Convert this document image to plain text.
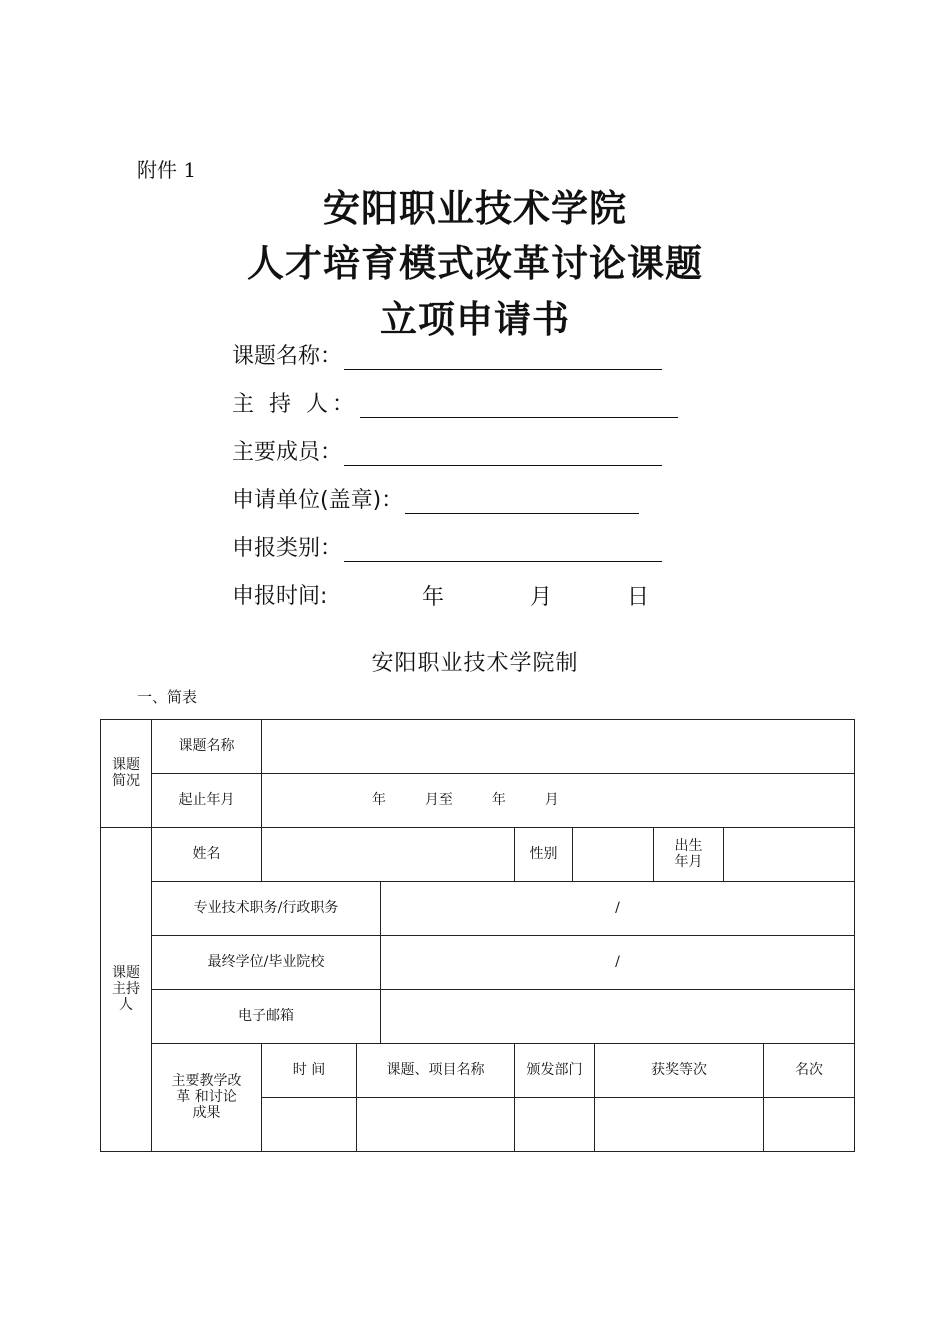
附件 1
安阳职业技术学院
人才培育模式改革讨论课题
立项申请书
课题名称：
主 持 人：
主要成员：
申请单位(盖章)：
申报类别：
申报时间:	年	月	日
安阳职业技术学院制
一、简表
课题简况	课题名称									
	起止年月	年 月至 年 月								
课题主持人	姓名				性别			出生年月		
	专业技术职务/行政职务			/						
	最终学位/毕业院校			/						
	电子邮箱									
	主要教学改 革 和讨论成果	时 间	课题、项目名称		颁发部门		获奖等次			名次
